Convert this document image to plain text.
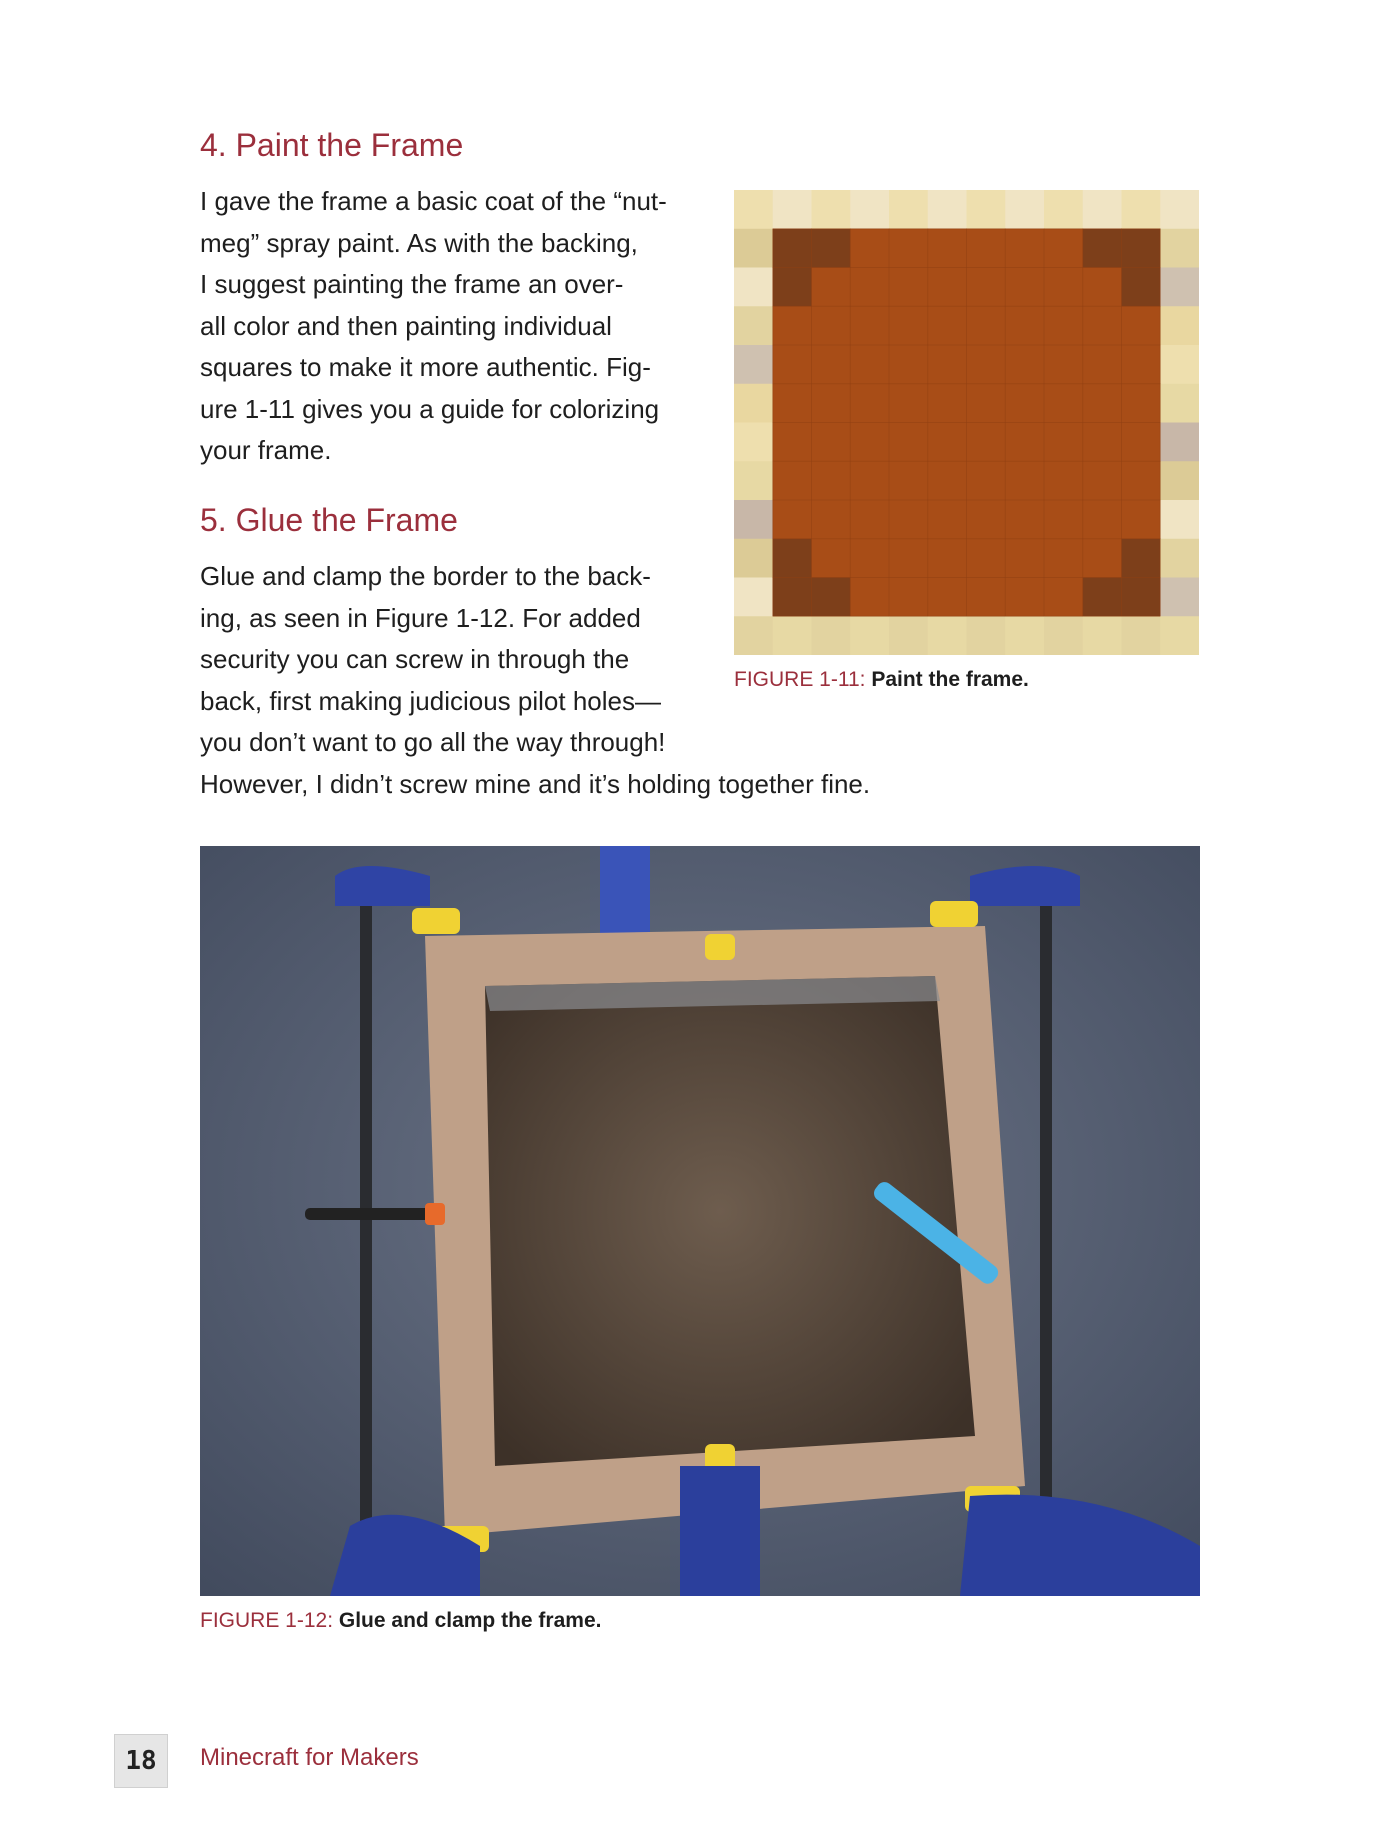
4. Paint the Frame

I gave the frame a basic coat of the “nut-
meg” spray paint. As with the backing,
I suggest painting the frame an over-
all color and then painting individual
squares to make it more authentic. Fig-
ure 1-11 gives you a guide for colorizing
your frame.

5. Glue the Frame

Glue and clamp the border to the back-
ing, as seen in Figure 1-12. For added
security you can screw in through the
back, first making judicious pilot holes—
you don’t want to go all the way through!
However, I didn’t screw mine and it’s holding together fine.

FIGURE 1-11: Paint the frame.

FIGURE 1-12: Glue and clamp the frame.

18	Minecraft for Makers
